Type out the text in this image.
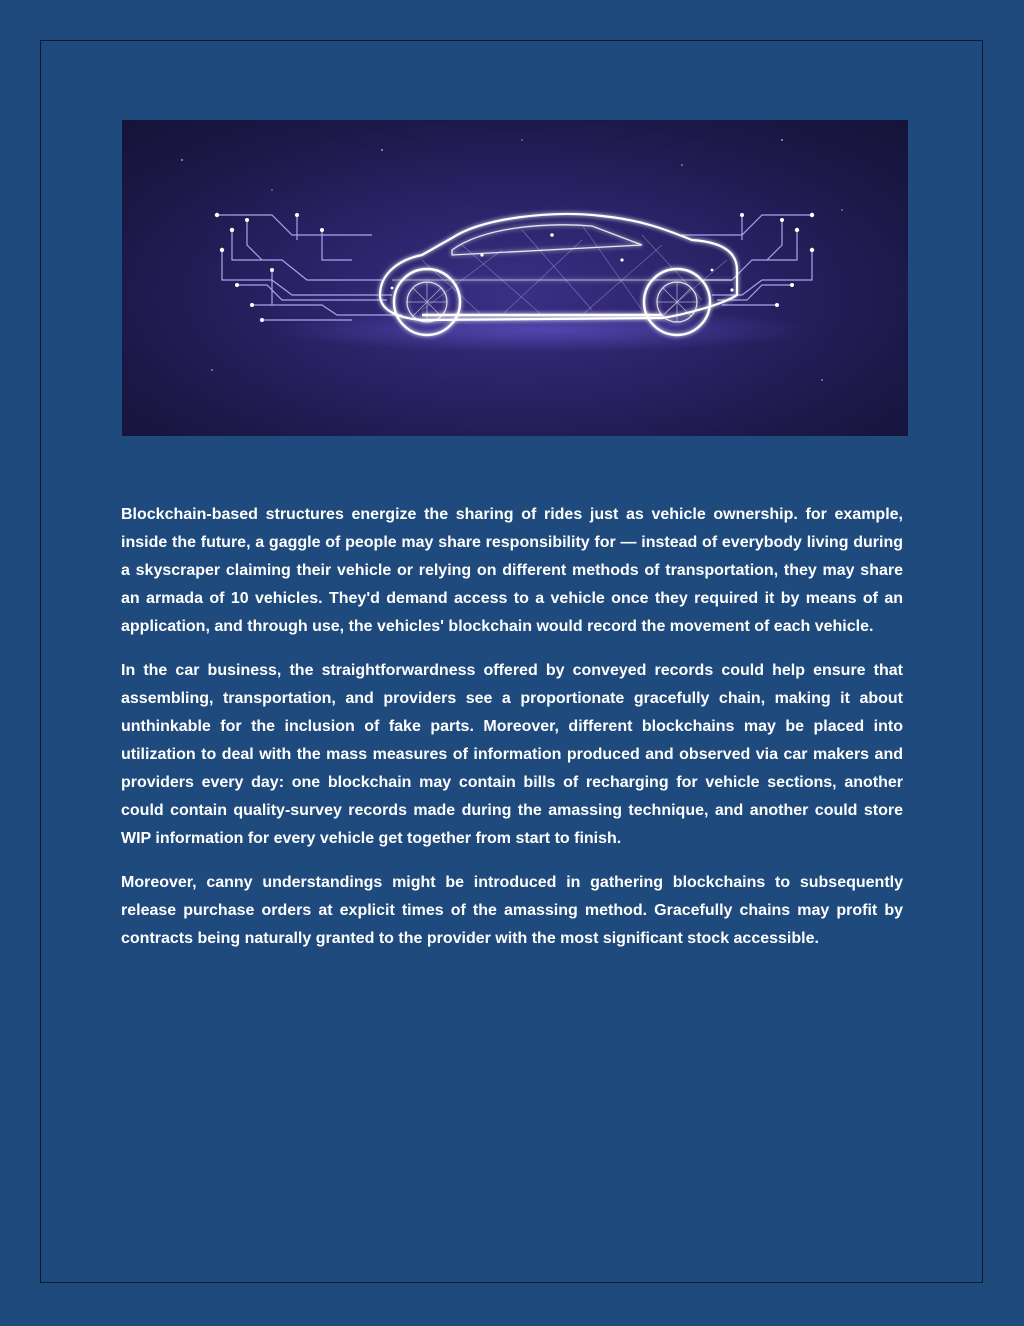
Blockchain-based structures energize the sharing of rides just as vehicle ownership. for example, inside the future, a gaggle of people may share responsibility for — instead of everybody living during a skyscraper claiming their vehicle or relying on different methods of transportation, they may share an armada of 10 vehicles. They'd demand access to a vehicle once they required it by means of an application, and through use, the vehicles' blockchain would record the movement of each vehicle.

In the car business, the straightforwardness offered by conveyed records could help ensure that assembling, transportation, and providers see a proportionate gracefully chain, making it about unthinkable for the inclusion of fake parts. Moreover, different blockchains may be placed into utilization to deal with the mass measures of information produced and observed via car makers and providers every day: one blockchain may contain bills of recharging for vehicle sections, another could contain quality-survey records made during the amassing technique, and another could store WIP information for every vehicle get together from start to finish.

Moreover, canny understandings might be introduced in gathering blockchains to subsequently release purchase orders at explicit times of the amassing method. Gracefully chains may profit by contracts being naturally granted to the provider with the most significant stock accessible.
